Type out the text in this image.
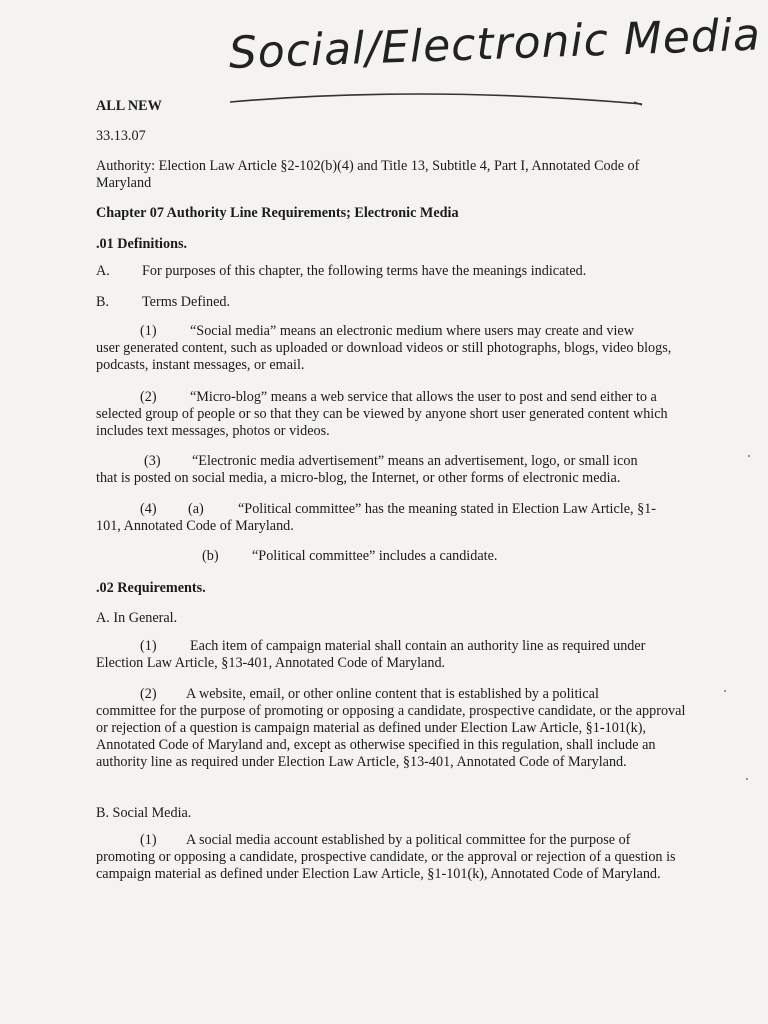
Social/Electronic Media
ALL NEW
33.13.07
Authority: Election Law Article §2-102(b)(4) and Title 13, Subtitle 4, Part I, Annotated Code of Maryland
Chapter 07 Authority Line Requirements; Electronic Media
.01 Definitions.
A. For purposes of this chapter, the following terms have the meanings indicated.
B. Terms Defined.
(1) “Social media” means an electronic medium where users may create and view
user generated content, such as uploaded or download videos or still photographs, blogs, video blogs, podcasts, instant messages, or email.
(2) “Micro-blog” means a web service that allows the user to post and send either to a
selected group of people or so that they can be viewed by anyone short user generated content which includes text messages, photos or videos.
(3) “Electronic media advertisement” means an advertisement, logo, or small icon
that is posted on social media, a micro-blog, the Internet, or other forms of electronic media.
(4) (a) “Political committee” has the meaning stated in Election Law Article, §1-
101, Annotated Code of Maryland.
(b) “Political committee” includes a candidate.
.02 Requirements.
A. In General.
(1) Each item of campaign material shall contain an authority line as required under
Election Law Article, §13-401, Annotated Code of Maryland.
(2) A website, email, or other online content that is established by a political
committee for the purpose of promoting or opposing a candidate, prospective candidate, or the approval or rejection of a question is campaign material as defined under Election Law Article, §1-101(k), Annotated Code of Maryland and, except as otherwise specified in this regulation, shall include an authority line as required under Election Law Article, §13-401, Annotated Code of Maryland.
B. Social Media.
(1) A social media account established by a political committee for the purpose of
promoting or opposing a candidate, prospective candidate, or the approval or rejection of a question is campaign material as defined under Election Law Article, §1-101(k), Annotated Code of Maryland.
